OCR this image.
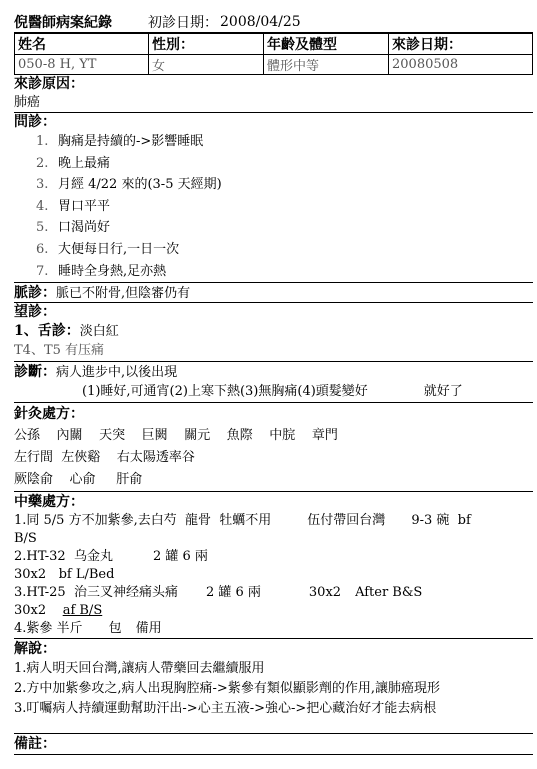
倪醫師病案紀錄	初診日期： 2008/04/25
姓名	性別：	年齡及體型	來診日期：
050-8 H, YT	女	體形中等	20080508
來診原因：
肺癌
問診：
1. 胸痛是持續的->影響睡眠
2. 晚上最痛
3. 月經 4/22 來的(3-5 天經期)
4. 胃口平平
5. 口渴尚好
6. 大便每日行,一日一次
7. 睡時全身熱,足亦熱
脈診：脈已不附骨,但陰審仍有
望診：
1、舌診：淡白紅
T4、T5 有压痛
診斷：病人進步中,以後出現
(1)睡好,可通宵(2)上寒下熱(3)無胸痛(4)頭髮變好	就好了
針灸處方：
公孫 內關 天突 巨闕 關元 魚際 中脘 章門
左行間 左俠谿 右太陽透率谷
厥陰俞 心俞 肝俞
中藥處方：
1.同 5/5 方不加紫參,去白芍 龍骨 牡蠣不用	伍付帶回台灣 9-3 碗 bf
B/S
2.HT-32 乌金丸	2 罐 6 兩
30x2 bf L/Bed
3.HT-25 治三叉神经痛头痛 2 罐 6 兩	30x2 After B&S
30x2 af B/S
4.紫參 半斤 包 備用
解說：
1.病人明天回台灣,讓病人帶藥回去繼續服用
2.方中加紫參攻之,病人出現胸腔痛->紫參有類似顯影劑的作用,讓肺癌現形
3.叮囑病人持續運動幫助汗出->心主五液->強心->把心藏治好才能去病根
備註：
